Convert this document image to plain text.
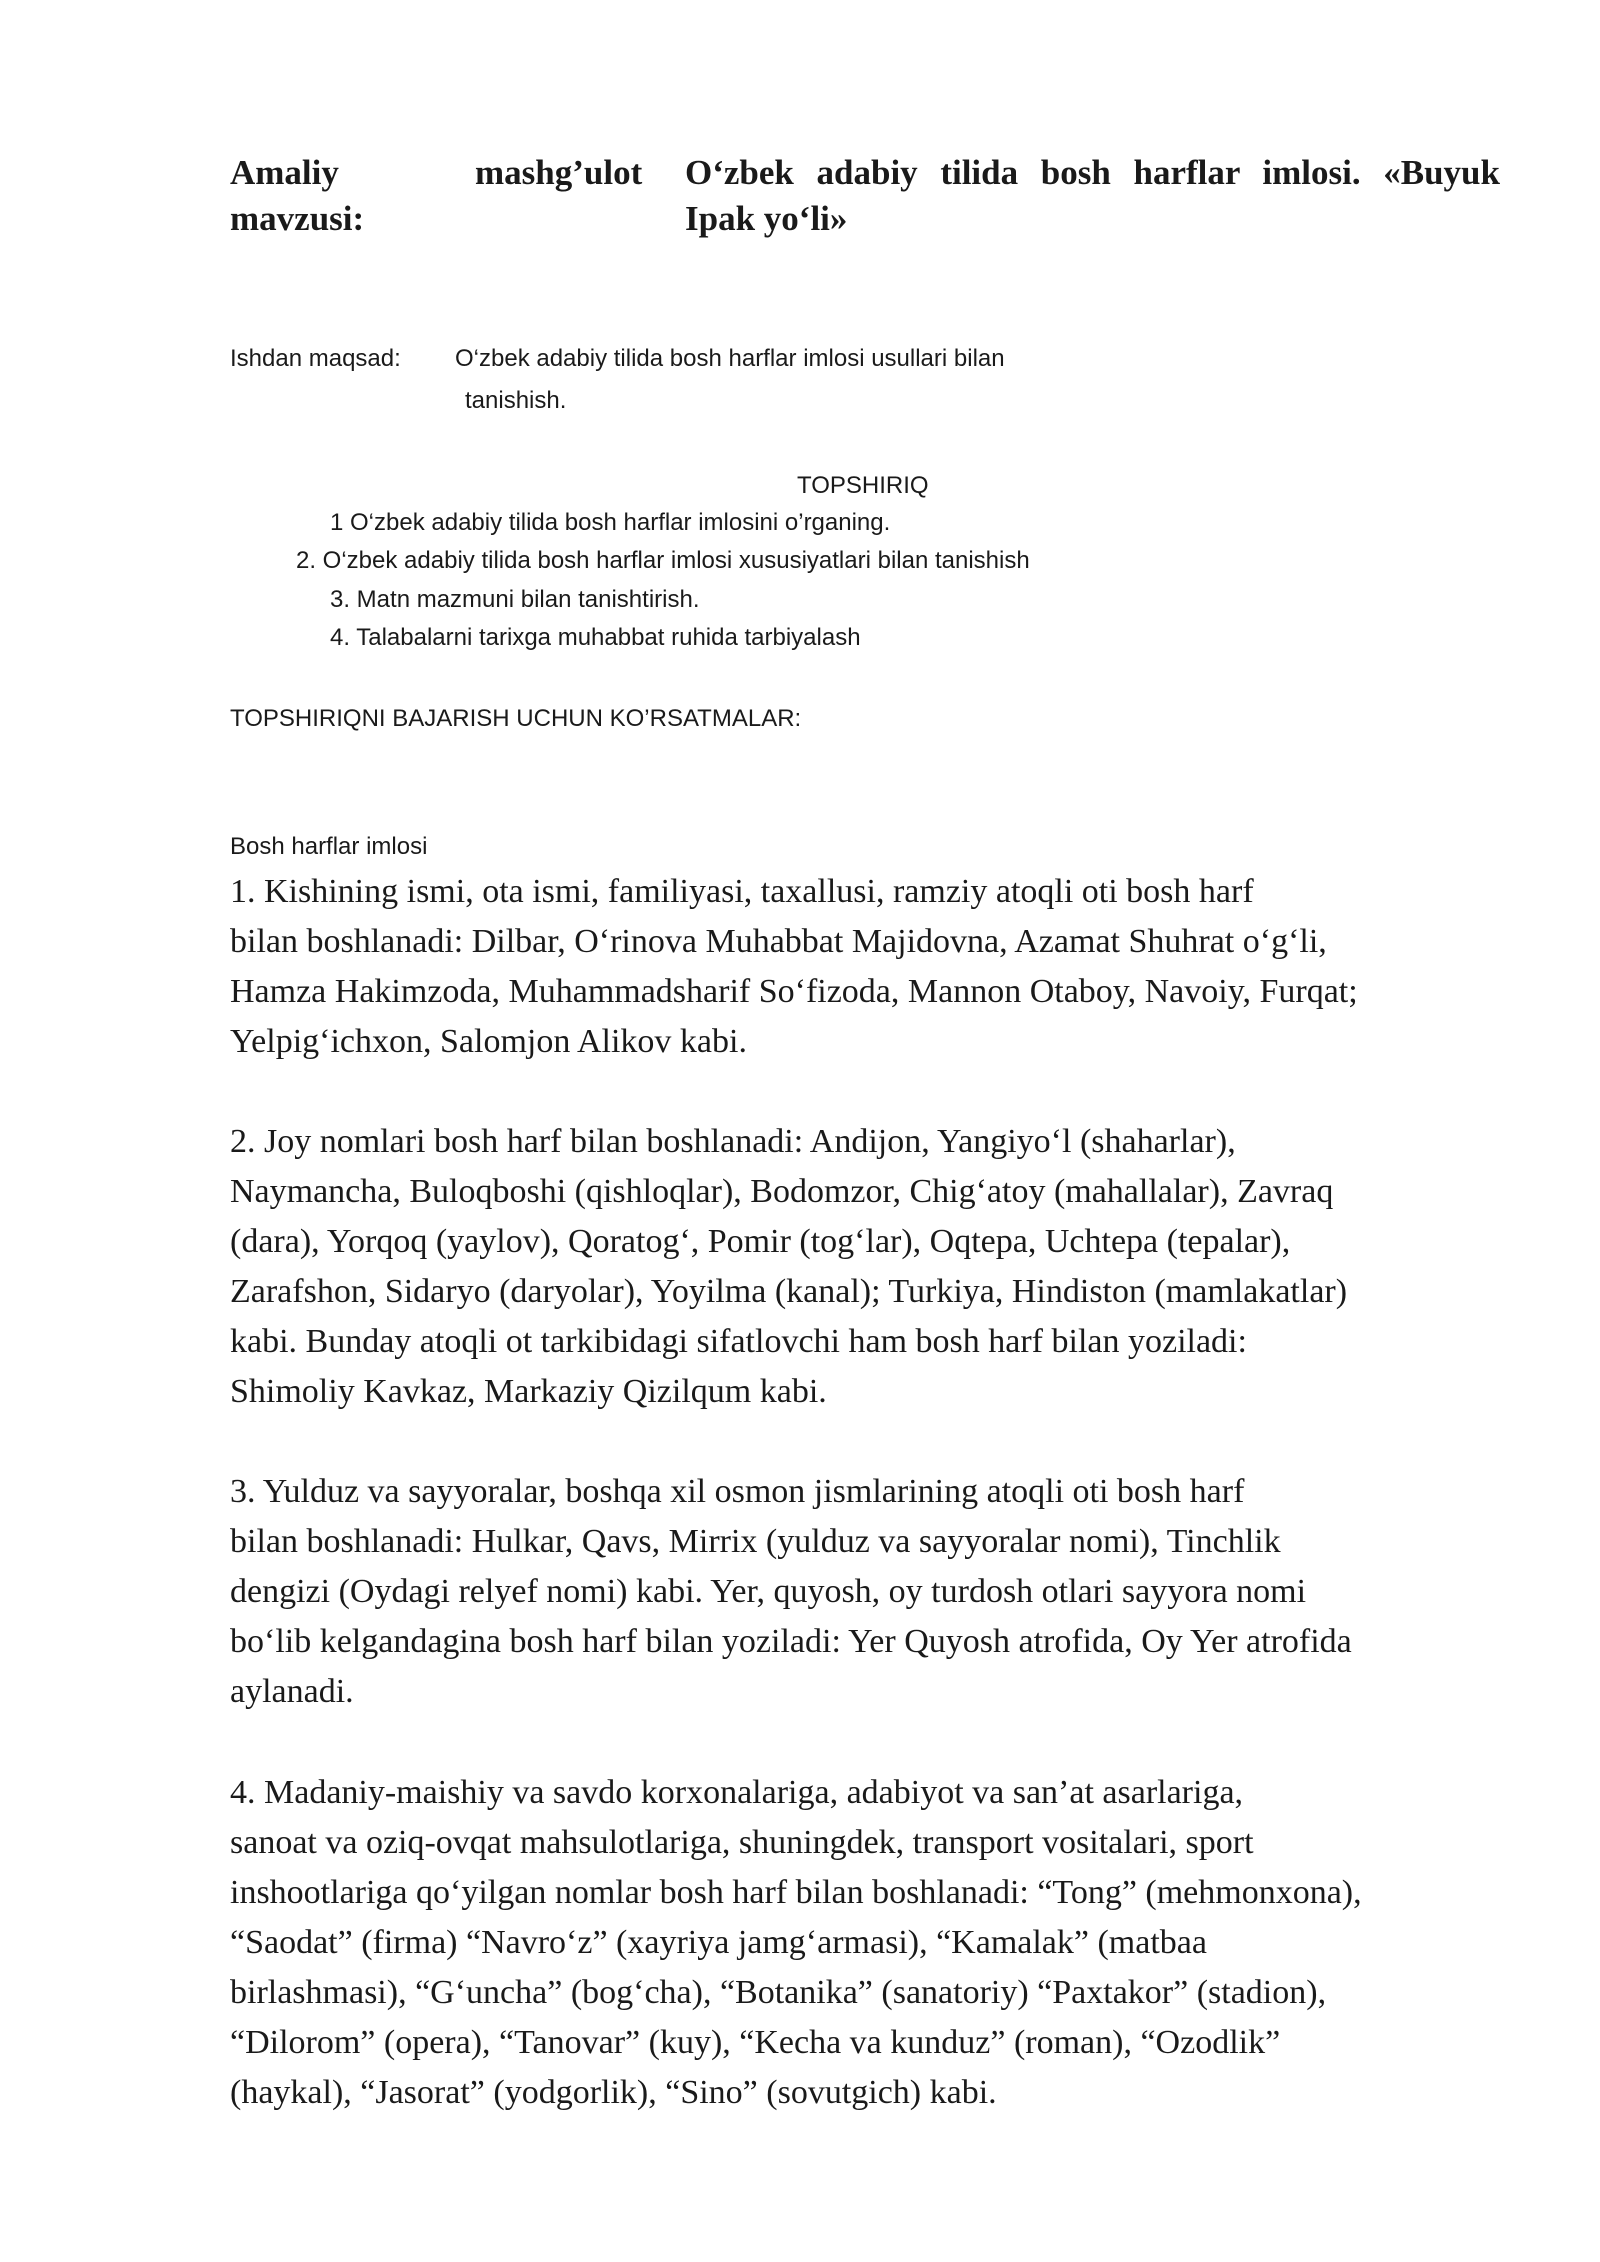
Amaliy	mashg’ulot
mavzusi:
O‘zbek adabiy tilida bosh harflar imlosi. «Buyuk
Ipak yo‘li»
Ishdan maqsad: O‘zbek adabiy tilida bosh harflar imlosi usullari bilan
tanishish.
TOPSHIRIQ
1 O‘zbek adabiy tilida bosh harflar imlosini o’rganing.
2. O‘zbek adabiy tilida bosh harflar imlosi xususiyatlari bilan tanishish
3. Matn mazmuni bilan tanishtirish.
4. Talabalarni tarixga muhabbat ruhida tarbiyalash
TOPSHIRIQNI BAJARISH UCHUN KO’RSATMALAR:
Bosh harflar imlosi
1. Kishining ismi, ota ismi, familiyasi, taxallusi, ramziy atoqli oti bosh harf
bilan boshlanadi: Dilbar, O‘rinova Muhabbat Majidovna, Azamat Shuhrat o‘g‘li,
Hamza Hakimzoda, Muhammadsharif So‘fizoda, Mannon Otaboy, Navoiy, Furqat;
Yelpig‘ichxon, Salomjon Alikov kabi.
2. Joy nomlari bosh harf bilan boshlanadi: Andijon, Yangiyo‘l (shaharlar),
Naymancha, Buloqboshi (qishloqlar), Bodomzor, Chig‘atoy (mahallalar), Zavraq
(dara), Yorqoq (yaylov), Qoratog‘, Pomir (tog‘lar), Oqtepa, Uchtepa (tepalar),
Zarafshon, Sidaryo (daryolar), Yoyilma (kanal); Turkiya, Hindiston (mamlakatlar)
kabi. Bunday atoqli ot tarkibidagi sifatlovchi ham bosh harf bilan yoziladi:
Shimoliy Kavkaz, Markaziy Qizilqum kabi.
3. Yulduz va sayyoralar, boshqa xil osmon jismlarining atoqli oti bosh harf
bilan boshlanadi: Hulkar, Qavs, Mirrix (yulduz va sayyoralar nomi), Tinchlik
dengizi (Oydagi relyef nomi) kabi. Yer, quyosh, oy turdosh otlari sayyora nomi
bo‘lib kelgandagina bosh harf bilan yoziladi: Yer Quyosh atrofida, Oy Yer atrofida
aylanadi.
4. Madaniy-maishiy va savdo korxonalariga, adabiyot va san’at asarlariga,
sanoat va oziq-ovqat mahsulotlariga, shuningdek, transport vositalari, sport
inshootlariga qo‘yilgan nomlar bosh harf bilan boshlanadi: “Tong” (mehmonxona),
“Saodat” (firma) “Navro‘z” (xayriya jamg‘armasi), “Kamalak” (matbaa
birlashmasi), “G‘uncha” (bog‘cha), “Botanika” (sanatoriy) “Paxtakor” (stadion),
“Dilorom” (opera), “Tanovar” (kuy), “Kecha va kunduz” (roman), “Ozodlik”
(haykal), “Jasorat” (yodgorlik), “Sino” (sovutgich) kabi.
